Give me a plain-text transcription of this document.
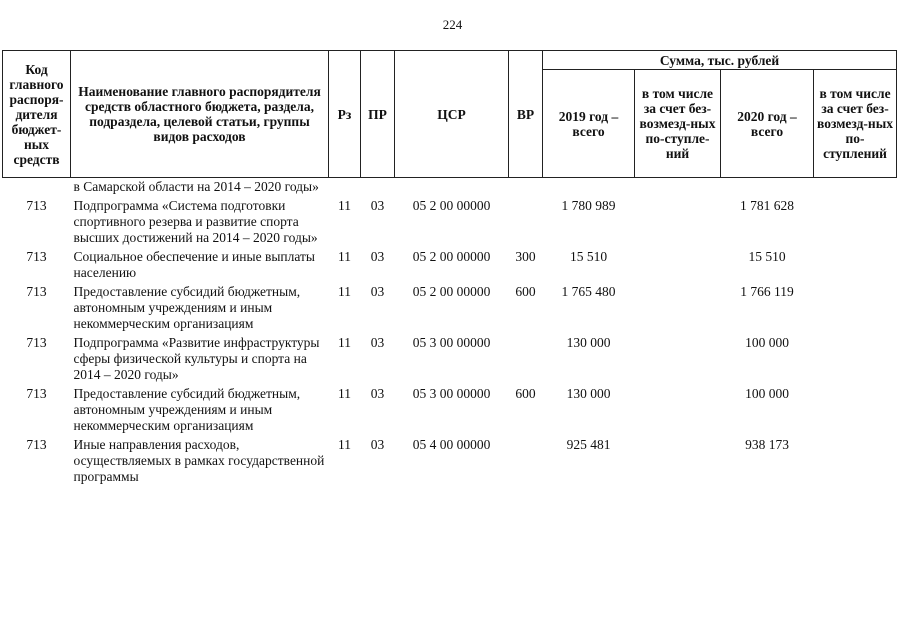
224
Код главного распоря-дителя бюджет-ных средств	Наименование главного распорядителя средств областного бюджета, раздела, подраздела, целевой статьи, группы видов расходов	Рз	ПР	ЦСР	ВР	Сумма, тыс. рублей			
						2019 год – всего	в том числе за счет без-возмезд-ных по-ступле-ний	2020 год – всего	в том числе за счет без-возмезд-ных по-ступлений
	в Самарской области на 2014 – 2020 годы»								
713	Подпрограмма «Система подготовки спортивного резерва и развитие спорта высших достижений на 2014 – 2020 годы»	11	03	05 2 00 00000		1 780 989		1 781 628	
713	Социальное обеспечение и иные выплаты населению	11	03	05 2 00 00000	300	15 510		15 510	
713	Предоставление субсидий бюджетным, автономным учреждениям и иным некоммерческим организациям	11	03	05 2 00 00000	600	1 765 480		1 766 119	
713	Подпрограмма «Развитие инфраструктуры сферы физической культуры и спорта на 2014 – 2020 годы»	11	03	05 3 00 00000		130 000		100 000	
713	Предоставление субсидий бюджетным, автономным учреждениям и иным некоммерческим организациям	11	03	05 3 00 00000	600	130 000		100 000	
713	Иные направления расходов, осуществляемых в рамках государственной программы	11	03	05 4 00 00000		925 481		938 173	
